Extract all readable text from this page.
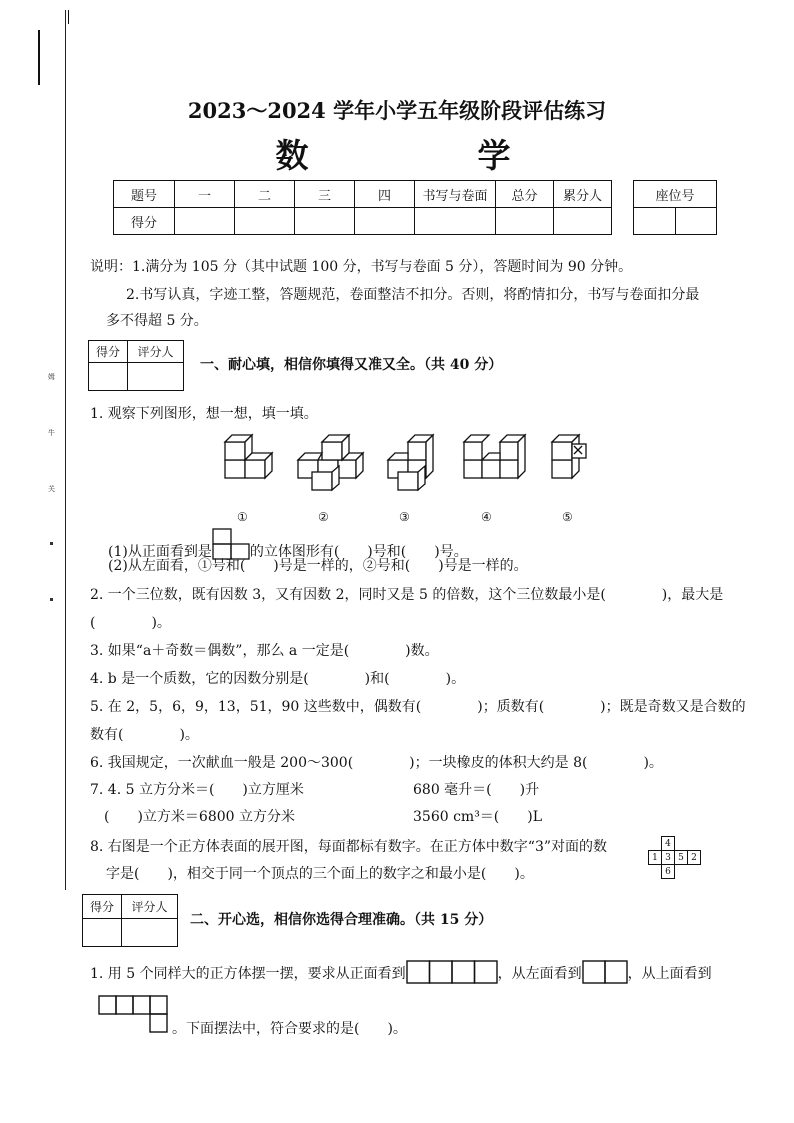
姆
牛
关
2023～2024 学年小学五年级阶段评估练习
数　学
题号	一	二	三	四	书写与卷面	总分	累分人
得分							
座位号

说明：1.满分为 105 分（其中试题 100 分，书写与卷面 5 分），答题时间为 90 分钟。
2.书写认真，字迹工整，答题规范，卷面整洁不扣分。否则，将酌情扣分，书写与卷面扣分最
多不得超 5 分。
得分	评分人

一、耐心填，相信你填得又准又全。（共 40 分）
1. 观察下列图形，想一想，填一填。
①	②	③	④	⑤
(1)从正面看到是	的立体图形有(　　)号和(　　)号。
(2)从左面看，①号和(　　)号是一样的，②号和(　　)号是一样的。
2. 一个三位数，既有因数 3，又有因数 2，同时又是 5 的倍数，这个三位数最小是(　　　　)，最大是
(　　　　)。
3. 如果“a＋奇数＝偶数”，那么 a 一定是(　　　　)数。
4. b 是一个质数，它的因数分别是(　　　　)和(　　　　)。
5. 在 2，5，6，9，13，51，90 这些数中，偶数有(　　　　)；质数有(　　　　)；既是奇数又是合数的
数有(　　　　)。
6. 我国规定，一次献血一般是 200～300(　　　　)；一块橡皮的体积大约是 8(　　　　)。
7. 4. 5 立方分米＝(　　)立方厘米	680 毫升＝(　　)升
(　　)立方米＝6800 立方分米	3560 cm³＝(　　)L
8. 右图是一个正方体表面的展开图，每面都标有数字。在正方体中数字“3”对面的数
字是(　　)，相交于同一个顶点的三个面上的数字之和最小是(　　)。
	4		
1	3	5	2
	6		
得分	评分人

二、开心选，相信你选得合理准确。（共 15 分）
1. 用 5 个同样大的正方体摆一摆，要求从正面看到	，从左面看到	，从上面看到
。下面摆法中，符合要求的是(　　)。
